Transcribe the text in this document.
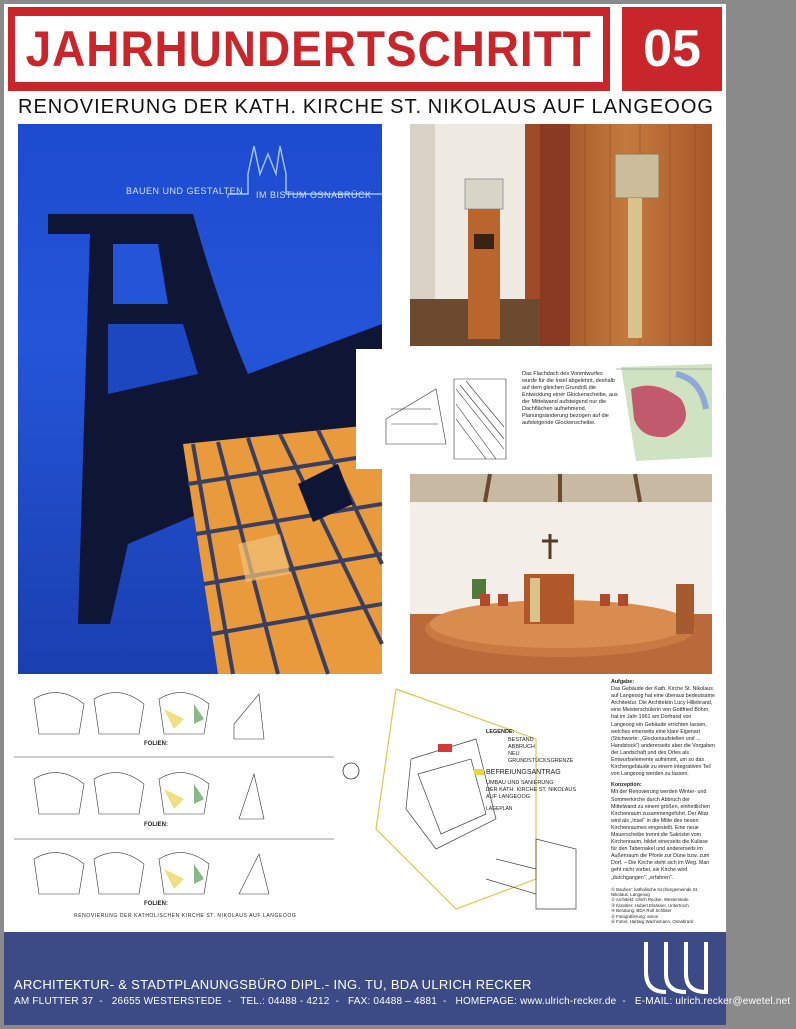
JAHRHUNDERTSCHRITT 05
RENOVIERUNG DER KATH. KIRCHE ST. NIKOLAUS AUF LANGEOOG
BAUEN UND GESTALTEN IM BISTUM OSNABRÜCK
Das Flachdach des Vorentwurfes wurde für die Insel abgelehnt, deshalb auf dem gleichen Grundriß die Entwicklung einer Glockenscheibe, aus der Mittelwand aufsteigend nur die Dachflächen aufnehmend. Planungsänderung bezogen auf die aufsteigende Glockenscheibe.
FOLIEN:
FOLIEN:
FOLIEN:
RENOVIERUNG DER KATHOLISCHEN KIRCHE ST. NIKOLAUS AUF LANGEOOG
LEGENDE:
BESTAND
ABBRUCH
NEU
GRUNDSTÜCKSGRENZE
BEFREIUNGSANTRAG
UMBAU UND SANIERUNG
DER KATH. KIRCHE ST. NIKOLAUS
AUF LANGEOOG
LAGEPLAN
Aufgabe:
Das Gebäude der Kath. Kirche St. Nikolaus auf Langeoog hat eine überaus bedeutsame Architektur. Die Architektin Lucy Hillebrand, eine Meisterschülerin von Gottfried Böhm, hat im Jahr 1961 am Dorfrand von Langeoog ein Gebäude errichten lassen, welches einerseits eine klare Eigenart (Stichworte: „Glockenaufstellen und ... Handstock“) andererseits aber die Vorgaben der Landschaft und des Ortes als Entwurfselemente aufnimmt, um so das Kirchengebäude zu einem integrativen Teil von Langeoog werden zu lassen.
Konzeption:
Mit der Renovierung werden Winter- und Sommerkirche durch Abbruch der Mittelwand zu einem großen, einheitlichen Kirchenraum zusammengeführt. Der Altar wird als „Insel“ in die Mitte des neuen Kirchenraumes eingestellt. Eine neue Mauerscheibe trennt die Sakristei vom Kirchenraum, bildet einerseits die Kulisse für den Tabernakel und andererseits im Außenraum die Pforte zur Düne bzw. zum Dorf. – Die Kirche steht sich im Weg. Man geht nicht vorbei, sie Kirche wird „durchgangen“, „erfahren“.
① Bauherr: katholische Kirchengemeinde St. Nikolaus, Langeoog
② Architekt: Ulrich Recker, Westerstede
③ Künstler: Hubert Elsässer, Untertroch
④ Beratung: BDA Rolf Schlüter
⑤ Fotografierung: amos
⑥ Fotos: Hartwig Wachsmann, Osnabrück
ARCHITEKTUR- & STADTPLANUNGSBÜRO DIPL.- ING. TU, BDA ULRICH RECKER
AM FLUTTER 37 - 26655 WESTERSTEDE - TEL.: 04488 - 4212 - FAX: 04488 – 4881 - HOMEPAGE: www.ulrich-recker.de - E-MAIL: ulrich.recker@ewetel.net
